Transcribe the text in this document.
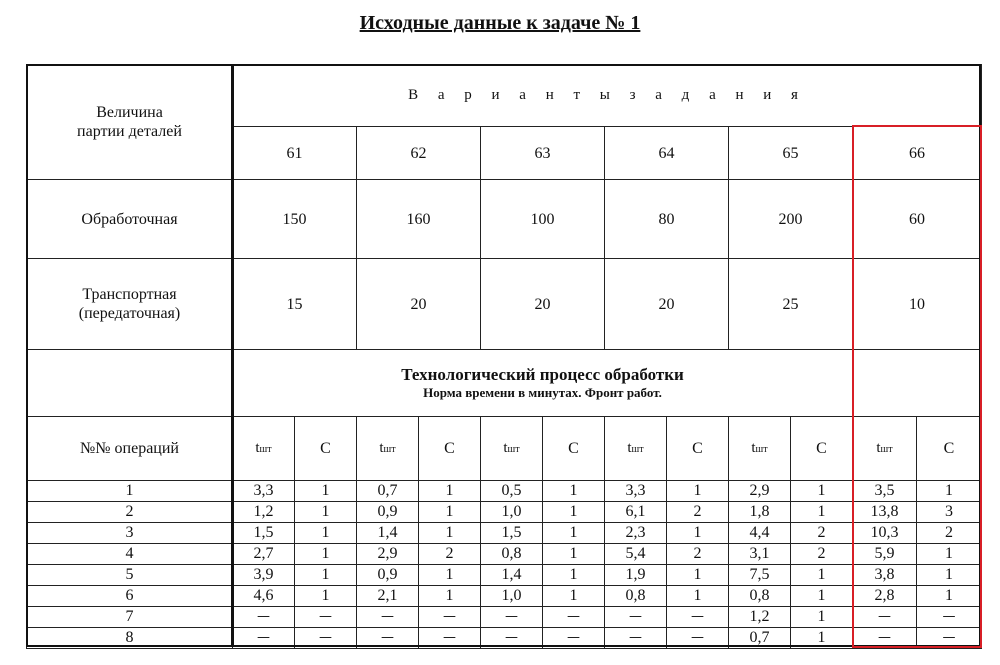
Исходные данные к задаче № 1
Величина
партии деталей	В а р и а н т ы з а д а н и я											
	61		62		63		64		65		66	
Обработочная	150		160		100		80		200		60	
Транспортная
(передаточная)	15		20		20		20		25		10	

	Технологический процесс обработки
Норма времени в минутах. Фронт работ.											

№№ операций	tшт	С	tшт	С	tшт	С	tшт	С	tшт	С	tшт	С
1	3,3	1	0,7	1	0,5	1	3,3	1	2,9	1	3,5	1
2	1,2	1	0,9	1	1,0	1	6,1	2	1,8	1	13,8	3
3	1,5	1	1,4	1	1,5	1	2,3	1	4,4	2	10,3	2
4	2,7	1	2,9	2	0,8	1	5,4	2	3,1	2	5,9	1
5	3,9	1	0,9	1	1,4	1	1,9	1	7,5	1	3,8	1
6	4,6	1	2,1	1	1,0	1	0,8	1	0,8	1	2,8	1
7	—	—	—	—	—	—	—	—	1,2	1	—	—
8	—	—	—	—	—	—	—	—	0,7	1	—	—
